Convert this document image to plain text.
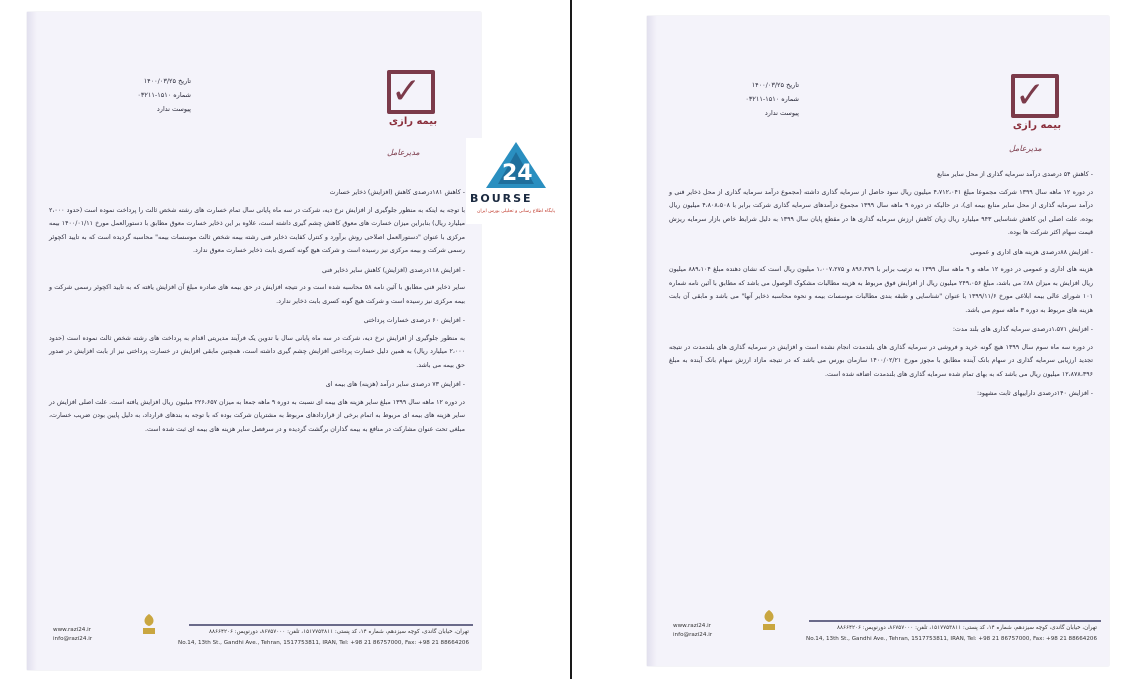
تاریخ ۱۴۰۰/۰۳/۲۵
شماره ۱۵۱۰-۰۳۲۱۱
پیوست ندارد	✓
بیمه رازی
مدیرعامل
- کاهش ۱۸۱درصدی کاهش (افزایش) ذخایر خسارت
با توجه به اینکه به منظور جلوگیری از افزایش نرخ دیه، شرکت در سه ماه پایانی سال تمام خسارت های رشته شخص ثالث را پرداخت نموده است (حدود ۲،۰۰۰ میلیارد ریال) بنابراین میزان خسارت های معوق کاهش چشم گیری داشته است، علاوه بر این ذخایر خسارت معوق مطابق با دستورالعمل مورخ ۱۴۰۰/۰۱/۱۱ بیمه مرکزی با عنوان "دستورالعمل اصلاحی روش برآورد و کنترل کفایت ذخایر فنی رشته بیمه شخص ثالث موسسات بیمه" محاسبه گردیده است که به تایید اکچوئر رسمی شرکت و بیمه مرکزی نیز رسیده است و شرکت هیچ گونه کسری بابت ذخایر خسارت معوق ندارد.
- افزایش ۱۱۸درصدی (افزایش) کاهش سایر ذخایر فنی
سایر ذخایر فنی مطابق با آئین نامه ۵۸ محاسبه شده است و در نتیجه افزایش در حق بیمه های صادره مبلغ آن افزایش یافته که به تایید اکچوئر رسمی شرکت و بیمه مرکزی نیز رسیده است و شرکت هیچ گونه کسری بابت ذخایر ندارد.
- افزایش ۶۰ درصدی خسارات پرداختی
به منظور جلوگیری از افزایش نرخ دیه، شرکت در سه ماه پایانی سال با تدوین یک فرآیند مدیریتی اقدام به پرداخت های رشته شخص ثالث نموده است (حدود ۲،۰۰۰ میلیارد ریال) به همین دلیل خسارت پرداختی افزایش چشم گیری داشته است، همچنین مابقی افزایش در خسارت پرداختی نیز از بابت افزایش در صدور حق بیمه می باشد.
- افزایش ۷۳ درصدی سایر درآمد (هزینه) های بیمه ای
در دوره ۱۲ ماهه سال ۱۳۹۹ مبلغ سایر هزینه های بیمه ای نسبت به دوره ۹ ماهه جمعا به میزان ۲۲۶،۶۵۷ میلیون ریال افزایش یافته است. علت اصلی افزایش در سایر هزینه های بیمه ای مربوط به اتمام برخی از قراردادهای مربوط به مشتریان شرکت بوده که با توجه به بندهای قرارداد، به دلیل پایین بودن ضریب خسارت، مبلغی تحت عنوان مشارکت در منافع به بیمه گذاران برگشت گردیده و در سرفصل سایر هزینه های بیمه ای ثبت شده است.
www.razi24.ir
info@razi24.ir
تهران، خیابان گاندی، کوچه سیزدهم، شماره ۱۴، کد پستی: ۱۵۱۷۷۵۳۸۱۱، تلفن: ۸۶۷۵۷۰۰۰، دورنویس: ۸۸۶۶۴۲۰۶
No.14, 13th St., Gandhi Ave., Tehran, 1517753811, IRAN, Tel: +98 21 86757000, Fax: +98 21 88664206
24
BOURSE
پایگاه اطلاع رسانی و تحلیلی بورس ایران
تاریخ ۱۴۰۰/۰۳/۲۵
شماره ۱۵۱۰-۰۳۲۱۱
پیوست ندارد	✓
بیمه رازی
مدیرعامل
- کاهش ۵۴ درصدی درآمد سرمایه گذاری از محل سایر منابع
در دوره ۱۲ ماهه سال ۱۳۹۹ شرکت مجموعا مبلغ ۴،۷۱۲،۰۴۱ میلیون ریال سود حاصل از سرمایه گذاری داشته (مجموع درآمد سرمایه گذاری از محل ذخایر فنی و درآمد سرمایه گذاری از محل سایر منابع بیمه ای)، در حالیکه در دوره ۹ ماهه سال ۱۳۹۹ مجموع درآمدهای سرمایه گذاری شرکت برابر با ۴،۸۰۸،۵۰۸ میلیون ریال بوده، علت اصلی این کاهش شناسایی ۹۴۳ میلیارد ریال زیان کاهش ارزش سرمایه گذاری ها در مقطع پایان سال ۱۳۹۹ به دلیل شرایط خاص بازار سرمایه ریزش قیمت سهام اکثر شرکت ها بوده.
- افزایش ۸۸درصدی هزینه های اداری و عمومی
هزینه های اداری و عمومی در دوره ۱۲ ماهه و ۹ ماهه سال ۱۳۹۹ به ترتیب برابر با ۸۹۶،۳۷۹ و ۱،۰۰۷،۲۷۵ میلیون ریال است که نشان دهنده مبلغ ۸۸۹،۱۰۴ میلیون ریال افزایش به میزان ۸۸٪ می باشد، مبلغ ۲۴۹،۰۵۶ میلیون ریال از افزایش فوق مربوط به هزینه مطالبات مشکوک الوصول می باشد که مطابق با آئین نامه شماره ۱۰۱ شورای عالی بیمه ابلاغی مورخ ۱۳۹۹/۱۱/۶ با عنوان "شناسایی و طبقه بندی مطالبات موسسات بیمه و نحوه محاسبه ذخایر آنها" می باشد و مابقی آن بابت هزینه های مربوط به دوره ۳ ماهه سوم می باشد.
- افزایش ۱،۵۷۱درصدی سرمایه گذاری های بلند مدت:
در دوره سه ماه سوم سال ۱۳۹۹ هیچ گونه خرید و فروشی در سرمایه گذاری های بلندمدت انجام نشده است و افزایش در سرمایه گذاری های بلندمدت در نتیجه تجدید ارزیابی سرمایه گذاری در سهام بانک آینده مطابق با مجوز مورخ ۱۴۰۰/۰۲/۲۱ سازمان بورس می باشد که در نتیجه مازاد ارزش سهام بانک آینده به مبلغ ۱۲،۸۷۸،۳۹۶ میلیون ریال می باشد که به بهای تمام شده سرمایه گذاری های بلندمدت اضافه شده است.
- افزایش ۱۴۰درصدی داراییهای ثابت مشهود:
www.razi24.ir
info@razi24.ir
تهران، خیابان گاندی، کوچه سیزدهم، شماره ۱۴، کد پستی: ۱۵۱۷۷۵۳۸۱۱، تلفن: ۸۶۷۵۷۰۰۰، دورنویس: ۸۸۶۶۴۲۰۶
No.14, 13th St., Gandhi Ave., Tehran, 1517753811, IRAN, Tel: +98 21 86757000, Fax: +98 21 88664206
